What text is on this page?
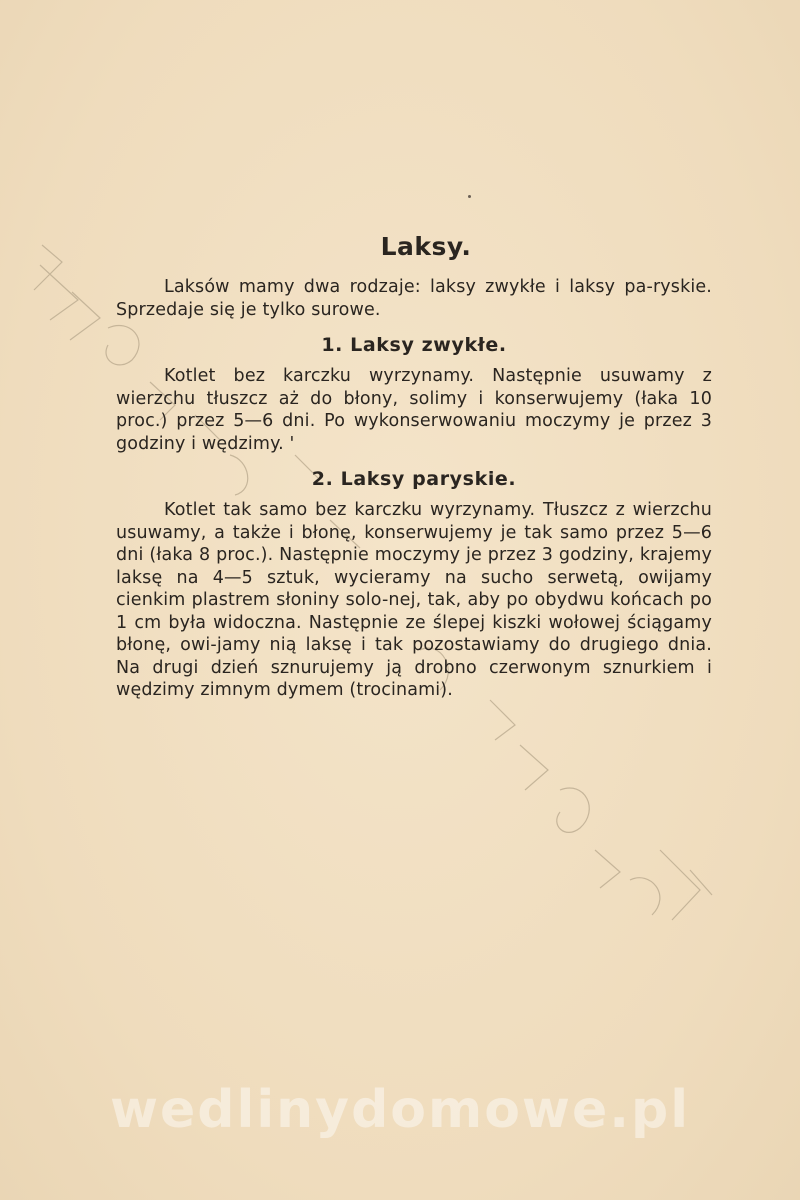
Laksy.

Laksów mamy dwa rodzaje: laksy zwykłe i laksy pa-ryskie. Sprzedaje się je tylko surowe.

1. Laksy zwykłe.

Kotlet bez karczku wyrzynamy. Następnie usuwamy z wierzchu tłuszcz aż do błony, solimy i konserwujemy (łaka 10 proc.) przez 5—6 dni. Po wykonserwowaniu moczymy je przez 3 godziny i wędzimy. '

2. Laksy paryskie.

Kotlet tak samo bez karczku wyrzynamy. Tłuszcz z wierzchu usuwamy, a także i błonę, konserwujemy je tak samo przez 5—6 dni (łaka 8 proc.). Następnie moczymy je przez 3 godziny, krajemy laksę na 4—5 sztuk, wycieramy na sucho serwetą, owijamy cienkim plastrem słoniny solo-nej, tak, aby po obydwu końcach po 1 cm była widoczna. Następnie ze ślepej kiszki wołowej ściągamy błonę, owi-jamy nią laksę i tak pozostawiamy do drugiego dnia. Na drugi dzień sznurujemy ją drobno czerwonym sznurkiem i wędzimy zimnym dymem (trocinami).

wedlinydomowe.pl
